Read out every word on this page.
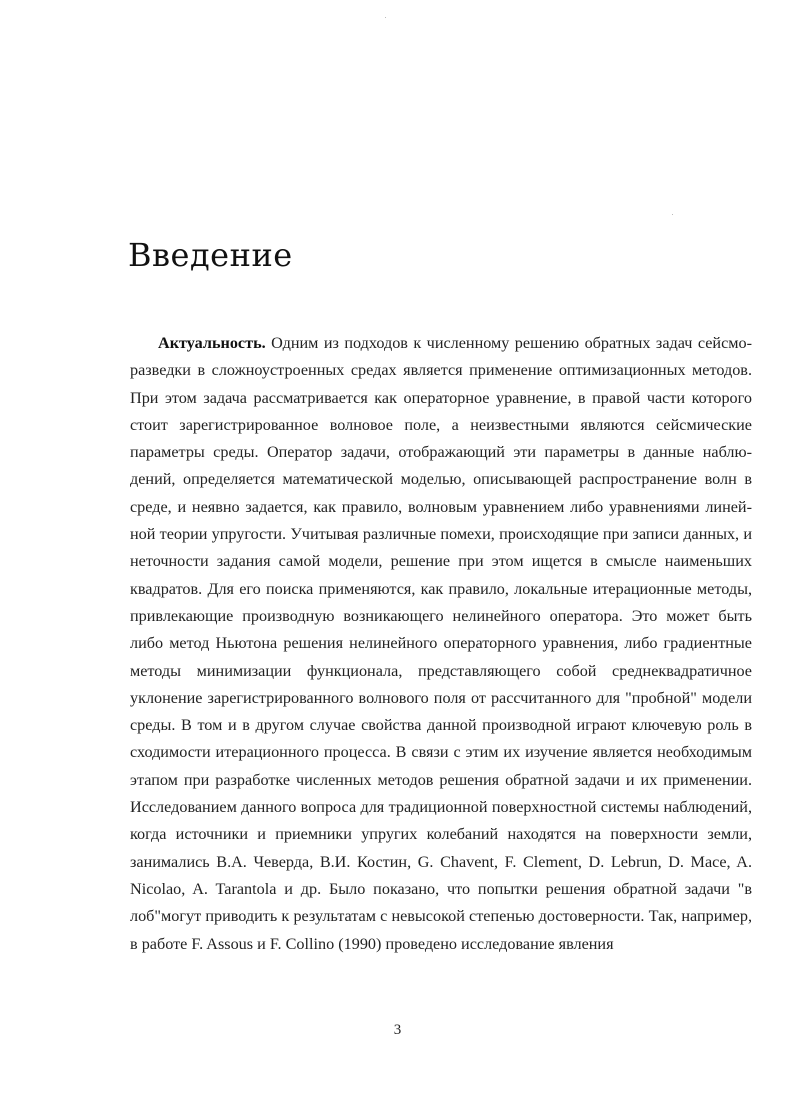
Введение

Актуальность. Одним из подходов к численному решению обратных задач сейсморазведки в сложноустроенных средах является применение оптимизационных методов. При этом задача рассматривается как операторное уравнение, в правой части которого стоит зарегистрированное волновое поле, а неизвестными являются сейсмические параметры среды. Оператор задачи, отображающий эти параметры в данные наблюдений, определяется математической моделью, описывающей распространение волн в среде, и неявно задается, как правило, волновым уравнением либо уравнениями линейной теории упругости. Учитывая различные помехи, происходящие при записи данных, и неточности задания самой модели, решение при этом ищется в смысле наименьших квадратов. Для его поиска применяются, как правило, локальные итерационные методы, привлекающие производную возникающего нелинейного оператора. Это может быть либо метод Ньютона решения нелинейного операторного уравнения, либо градиентные методы минимизации функционала, представляющего собой среднеквадратичное уклонение зарегистрированного волнового поля от рассчитанного для "пробной" модели среды. В том и в другом случае свойства данной производной играют ключевую роль в сходимости итерационного процесса. В связи с этим их изучение является необходимым этапом при разработке численных методов решения обратной задачи и их применении. Исследованием данного вопроса для традиционной поверхностной системы наблюдений, когда источники и приемники упругих колебаний находятся на поверхности земли, занимались В.А. Чеверда, В.И. Костин, G. Chavent, F. Clement, D. Lebrun, D. Mace, A. Nicolao, A. Tarantola и др. Было показано, что попытки решения обратной задачи "в лоб"могут приводить к результатам с невысокой степенью достоверности. Так, например, в работе F. Assous и F. Collino (1990) проведено исследование явления

3
